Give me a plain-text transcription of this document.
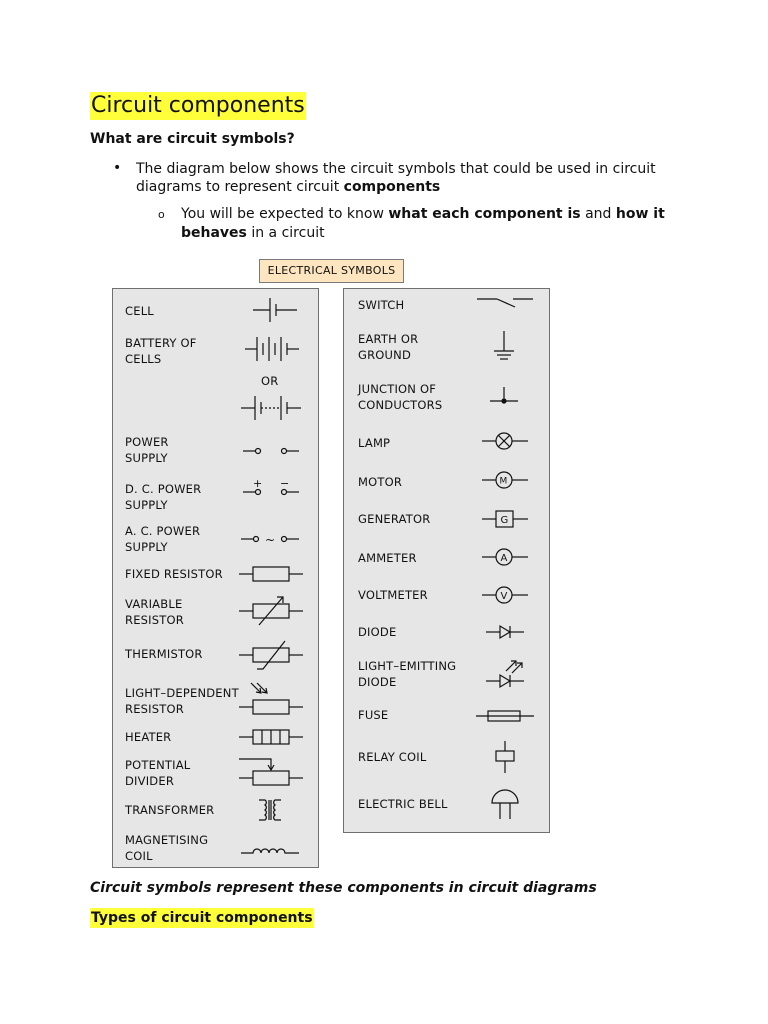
Circuit components
What are circuit symbols?
• The diagram below shows the circuit symbols that could be used in circuit diagrams to represent circuit components
o You will be expected to know what each component is and how it behaves in a circuit
ELECTRICAL SYMBOLS
CELL
BATTERY OF
CELLS
OR
POWER
SUPPLY
D. C. POWER
SUPPLY
+ −
A. C. POWER
SUPPLY	~
FIXED RESISTOR
VARIABLE
RESISTOR
THERMISTOR
LIGHT–DEPENDENT
RESISTOR
HEATER
POTENTIAL
DIVIDER
TRANSFORMER
MAGNETISING
COIL
SWITCH
EARTH OR
GROUND
JUNCTION OF
CONDUCTORS
LAMP
MOTOR	M
GENERATOR	G
AMMETER	A
VOLTMETER	V
DIODE
LIGHT–EMITTING
DIODE
FUSE
RELAY COIL
ELECTRIC BELL
Circuit symbols represent these components in circuit diagrams
Types of circuit components
